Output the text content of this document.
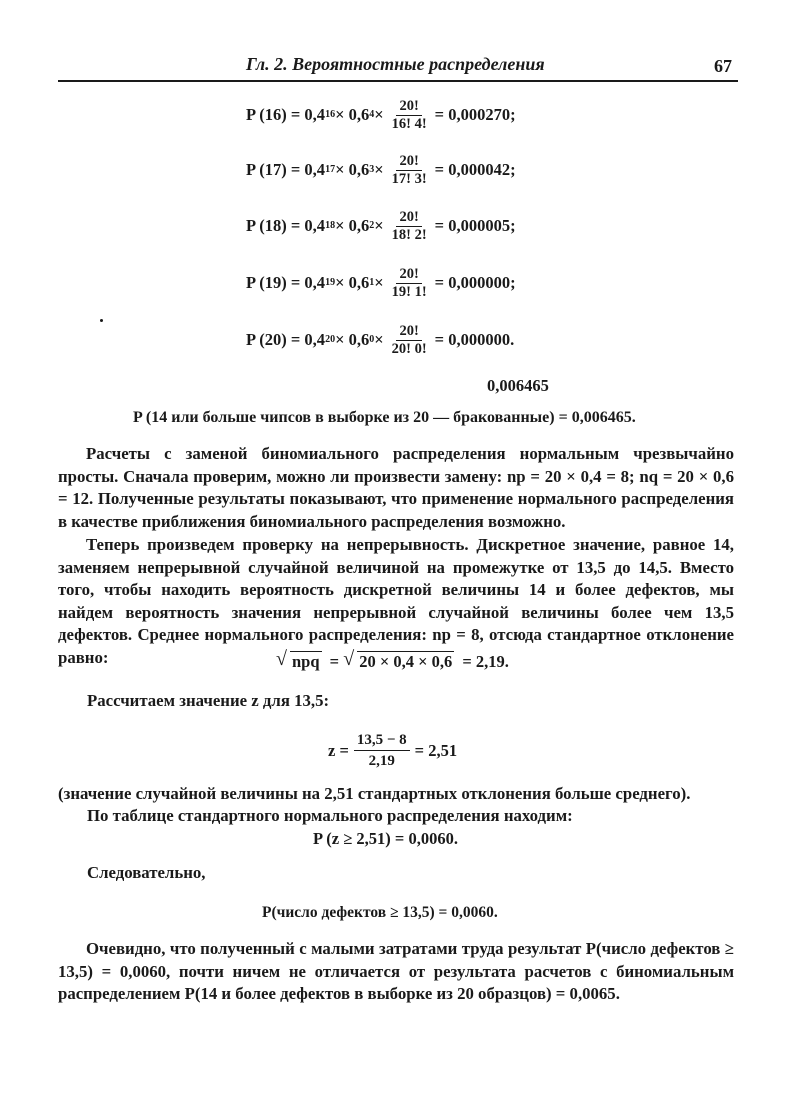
Гл. 2. Вероятностные распределения	67
P (16) = 0,4 16 × 0,6 $4 \times \frac{20!}{16! 4!} = 0,000270$;
P (17) = 0,4 17 × 0,6 $3 \times \frac{20!}{17! 3!} = 0,000042$;
P (18) = 0,4 18 × 0,6 $2 \times \frac{20!}{18! 2!} = 0,000005$;
P (19) = 0,4 19 × 0,6 $1 \times \frac{20!}{19! 1!} = 0,000000$;
P (20) = 0,4 20 × 0,6 $0 \times \frac{20!}{20! 0!} = 0,000000$.
0,006465
P (14 или больше чипсов в выборке из 20 — бракованные) = 0,006465.

Расчеты с заменой биномиального распределения нормальным чрезвычайно просты. Сначала проверим, можно ли произвести замену: np = 20 × 0,4 = 8; nq = 20 × 0,6 = 12. Полученные результаты показывают, что применение нормального распределения в качестве приближения биномиального распределения возможно.

Теперь произведем проверку на непрерывность. Дискретное значение, равное 14, заменяем непрерывной случайной величиной на промежутке от 13,5 до 14,5. Вместо того, чтобы находить вероятность дискретной величины 14 и более дефектов, мы найдем вероятность значения непрерывной случайной величины более чем 13,5 дефектов. Среднее нормального распределения: np = 8, отсюда стандартное отклонение равно:	√ npq = √ 20 × 0,4 × 0,6 = 2,19.
Рассчитаем значение z для 13,5:
$z = \frac{13,5 - 8}{2,19} = 2,51$
(значение случайной величины на 2,51 стандартных отклонения больше среднего).
По таблице стандартного нормального распределения находим:
P (z ≥ 2,51) = 0,0060.
Следовательно,
P(число дефектов ≥ 13,5) = 0,0060.

Очевидно, что полученный с малыми затратами труда результат P(число дефектов ≥ 13,5) = 0,0060, почти ничем не отличается от результата расчетов с биномиальным распределением P(14 и более дефектов в выборке из 20 образцов) = 0,0065.
